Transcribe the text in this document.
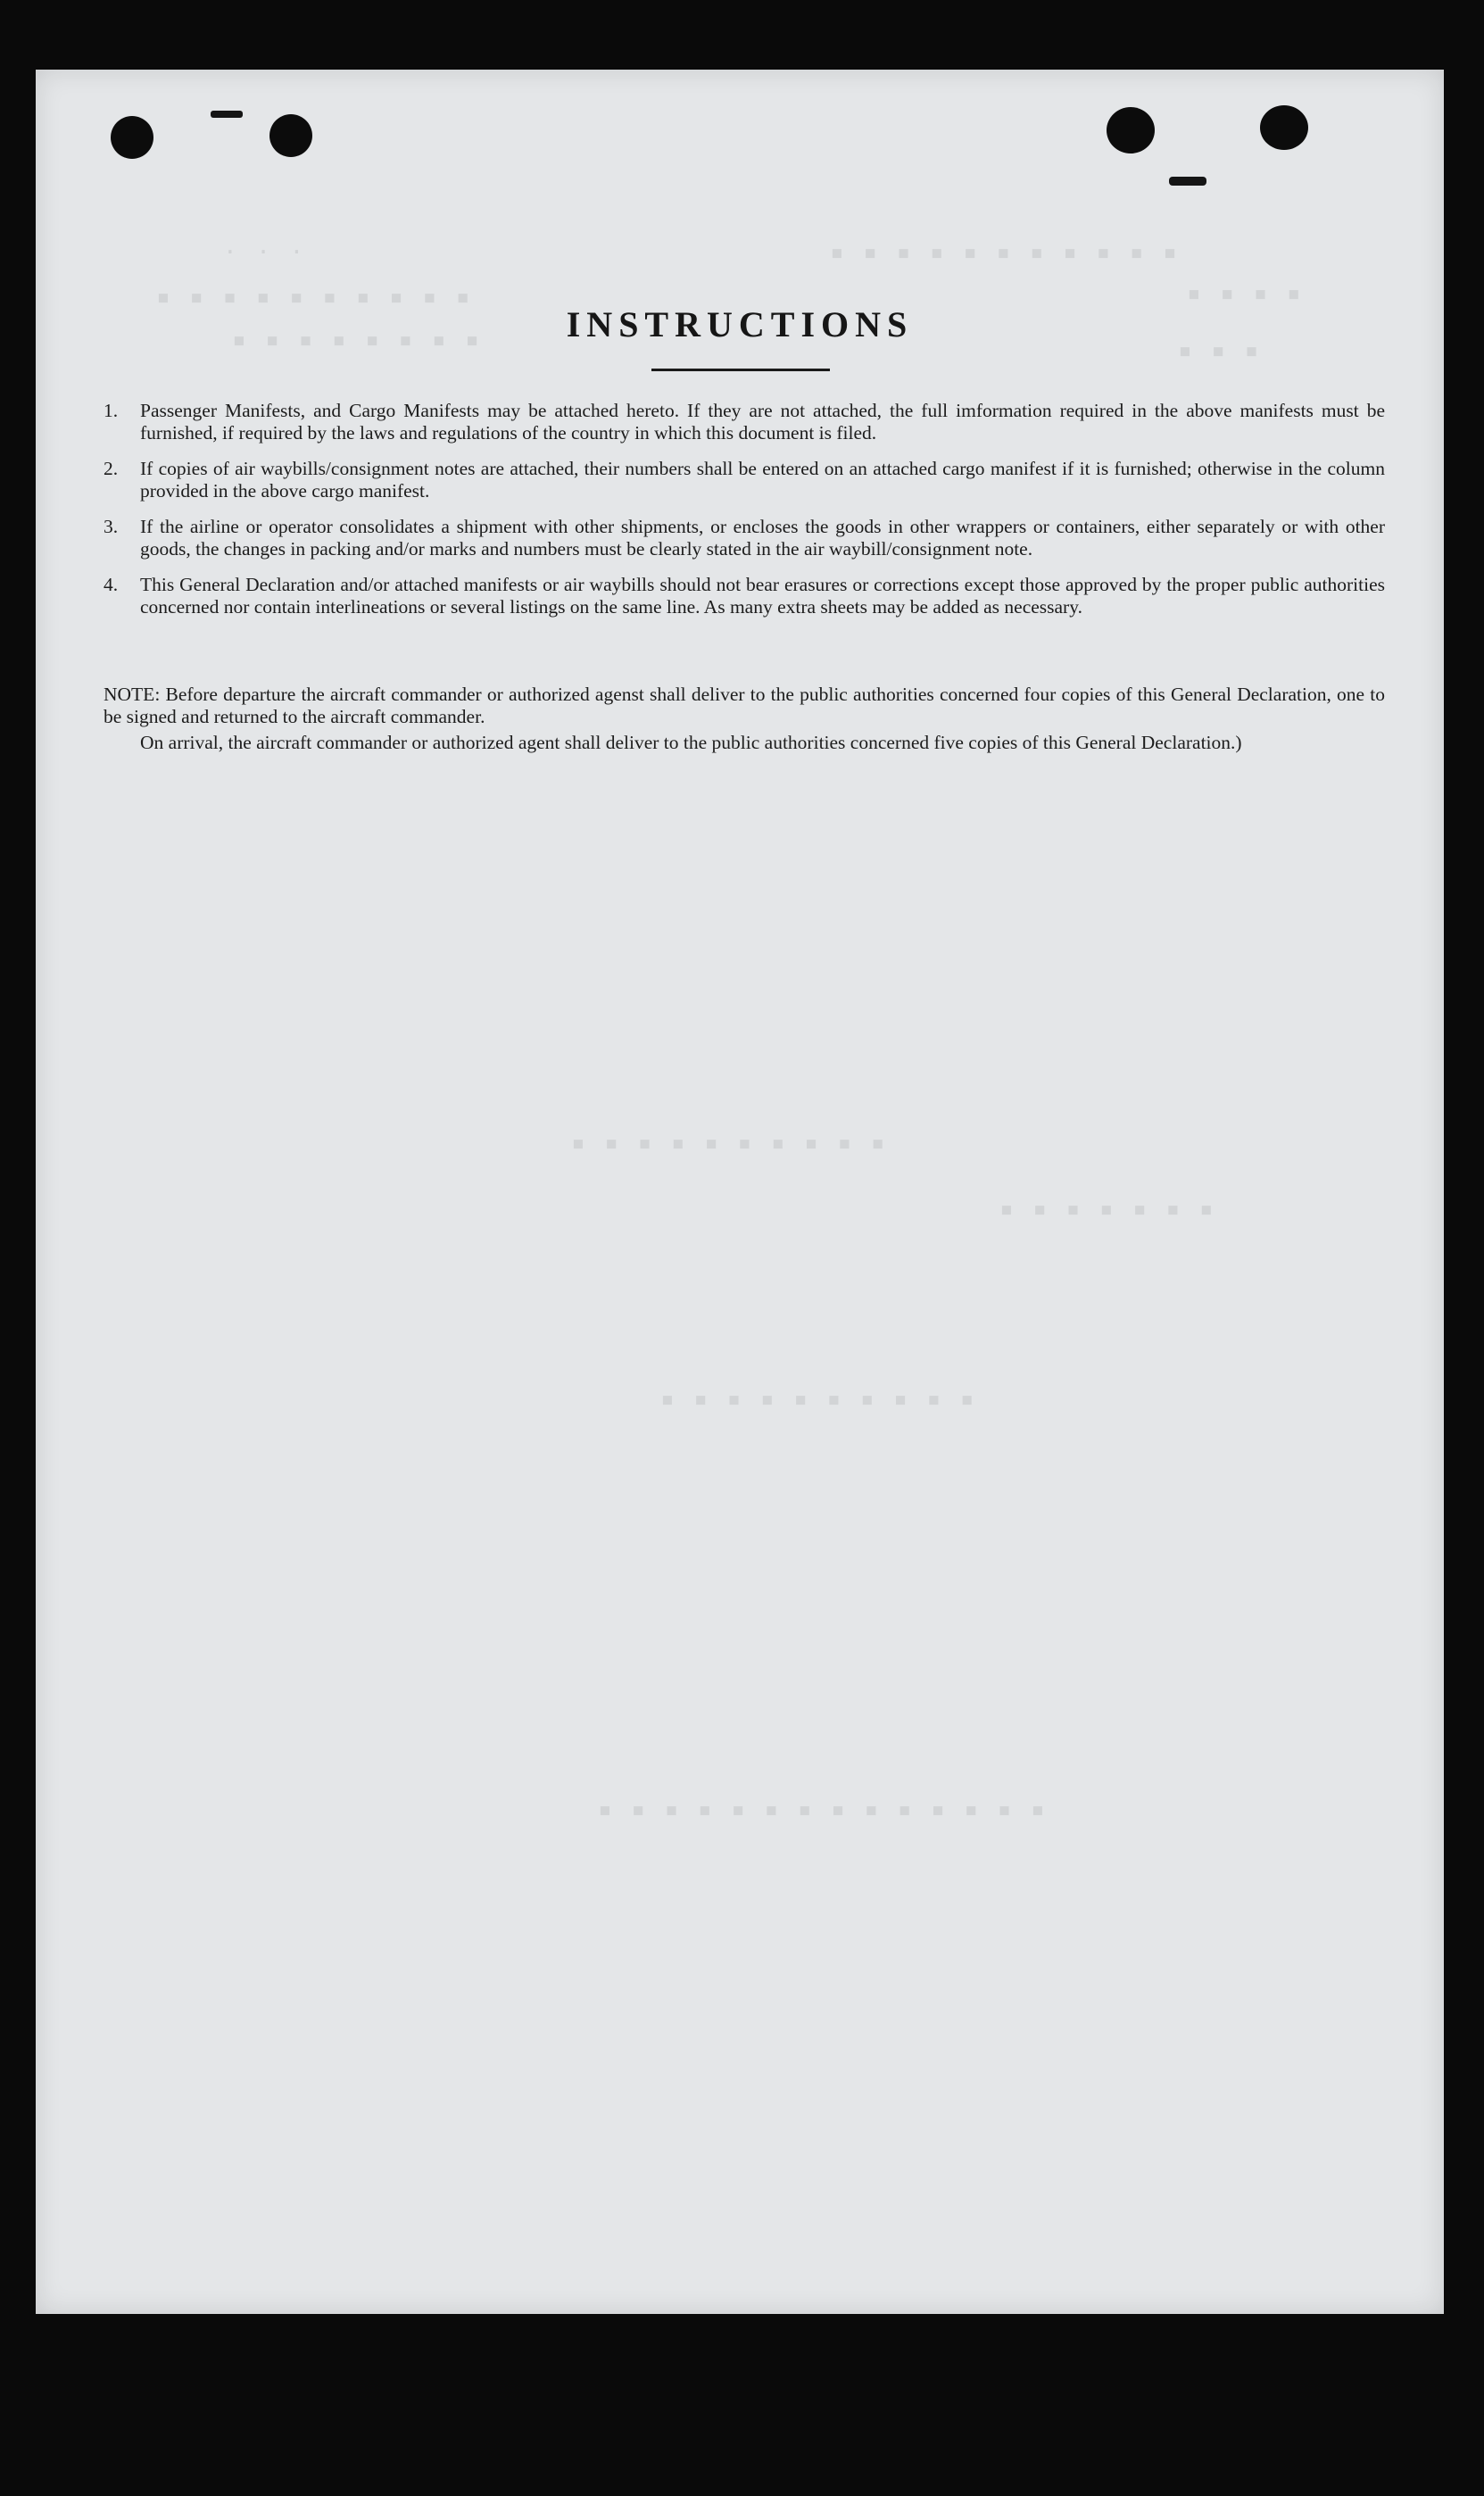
· · ·
▪ ▪ ▪ ▪ ▪ ▪ ▪ ▪ ▪ ▪
▪ ▪ ▪ ▪ ▪ ▪ ▪ ▪ ▪ ▪ ▪
▪ ▪ ▪ ▪
▪ ▪ ▪ ▪ ▪ ▪ ▪ ▪	▪ ▪ ▪
▪ ▪ ▪ ▪ ▪ ▪ ▪ ▪ ▪ ▪
▪ ▪ ▪ ▪ ▪ ▪ ▪
▪ ▪ ▪ ▪ ▪ ▪ ▪ ▪ ▪ ▪
▪ ▪ ▪ ▪ ▪ ▪ ▪ ▪ ▪ ▪ ▪ ▪ ▪ ▪
INSTRUCTIONS
1. Passenger Manifests, and Cargo Manifests may be attached hereto. If they are not attached, the full imformation required in the above manifests must be furnished, if required by the laws and regulations of the country in which this document is filed.
2. If copies of air waybills/consignment notes are attached, their numbers shall be entered on an attached cargo manifest if it is furnished; otherwise in the column provided in the above cargo manifest.
3. If the airline or operator consolidates a shipment with other shipments, or encloses the goods in other wrappers or containers, either separately or with other goods, the changes in packing and/or marks and numbers must be clearly stated in the air waybill/consignment note.
4. This General Declaration and/or attached manifests or air waybills should not bear erasures or corrections except those approved by the proper public authorities concerned nor contain interlineations or several listings on the same line. As many extra sheets may be added as necessary.
NOTE: Before departure the aircraft commander or authorized agenst shall deliver to the public authorities concerned four copies of this General Declaration, one to be signed and returned to the aircraft commander.
On arrival, the aircraft commander or authorized agent shall deliver to the public authorities concerned five copies of this General Declaration.)
